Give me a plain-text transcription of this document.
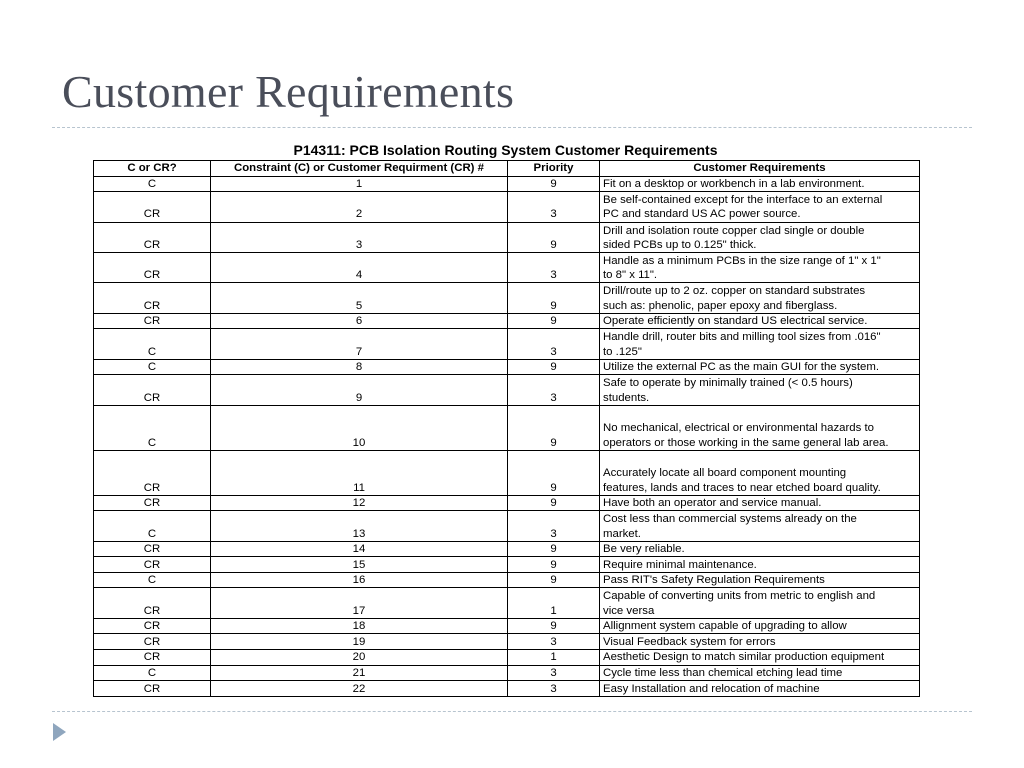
Customer Requirements
P14311: PCB Isolation Routing System Customer Requirements
C or CR?	Constraint (C) or Customer Requirment (CR) #	Priority	Customer Requirements
C	1	9	Fit on a desktop or workbench in a lab environment.

CR	2	3	Be self-contained except for the interface to an external
PC and standard US AC power source.

CR	3	9	Drill and isolation route copper clad single or double
sided PCBs up to 0.125" thick.

CR	4	3	Handle as a minimum PCBs in the size range of 1" x 1"
to 8" x 11".

CR	5	9	Drill/route up to 2 oz. copper on standard substrates
such as: phenolic, paper epoxy and fiberglass.

CR	6	9	Operate efficiently on standard US electrical service.

C	7	3	Handle drill, router bits and milling tool sizes from .016"
to .125"

C	8	9	Utilize the external PC as the main GUI for the system.

CR	9	3	Safe to operate by minimally trained (< 0.5 hours)
students.

C	10	9	No mechanical, electrical or environmental hazards to
operators or those working in the same general lab area.

CR	11	9	Accurately locate all board component mounting
features, lands and traces to near etched board quality.

CR	12	9	Have both an operator and service manual.

C	13	3	Cost less than commercial systems already on the
market.

CR	14	9	Be very reliable.

CR	15	9	Require minimal maintenance.

C	16	9	Pass RIT's Safety Regulation Requirements

CR	17	1	Capable of converting units from metric to english and
vice versa

CR	18	9	Allignment system capable of upgrading to allow

CR	19	3	Visual Feedback system for errors

CR	20	1	Aesthetic Design to match similar production equipment

C	21	3	Cycle time less than chemical etching lead time

CR	22	3	Easy Installation and relocation of machine
